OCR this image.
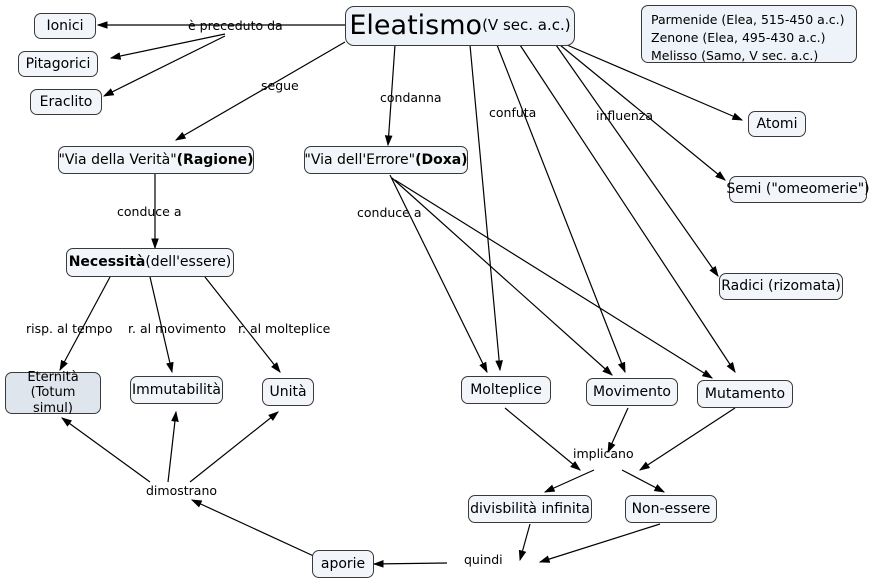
Eleatismo (V sec. a.c.)	Parmenide (Elea, 515-450 a.c.)
Zenone (Elea, 495-430 a.c.)
Melisso (Samo, V sec. a.c.)
Ionici
Pitagorici
Eraclito
"Via della Verità" (Ragione)	"Via dell'Errore" (Doxa)
Necessità (dell'essere)
Eternità
(Totum simul)
Immutabilità	Unità	Molteplice	Movimento Mutamento
Atomi
Semi ("omeomerie")
Radici (rizomata)
divisbilità infinita	Non-essere
aporie
è preceduto da
segue
condanna
confuta	influenza
conduce a	conduce a
risp. al tempo r. al movimento r. al molteplice
dimostrano
implicano
quindi
